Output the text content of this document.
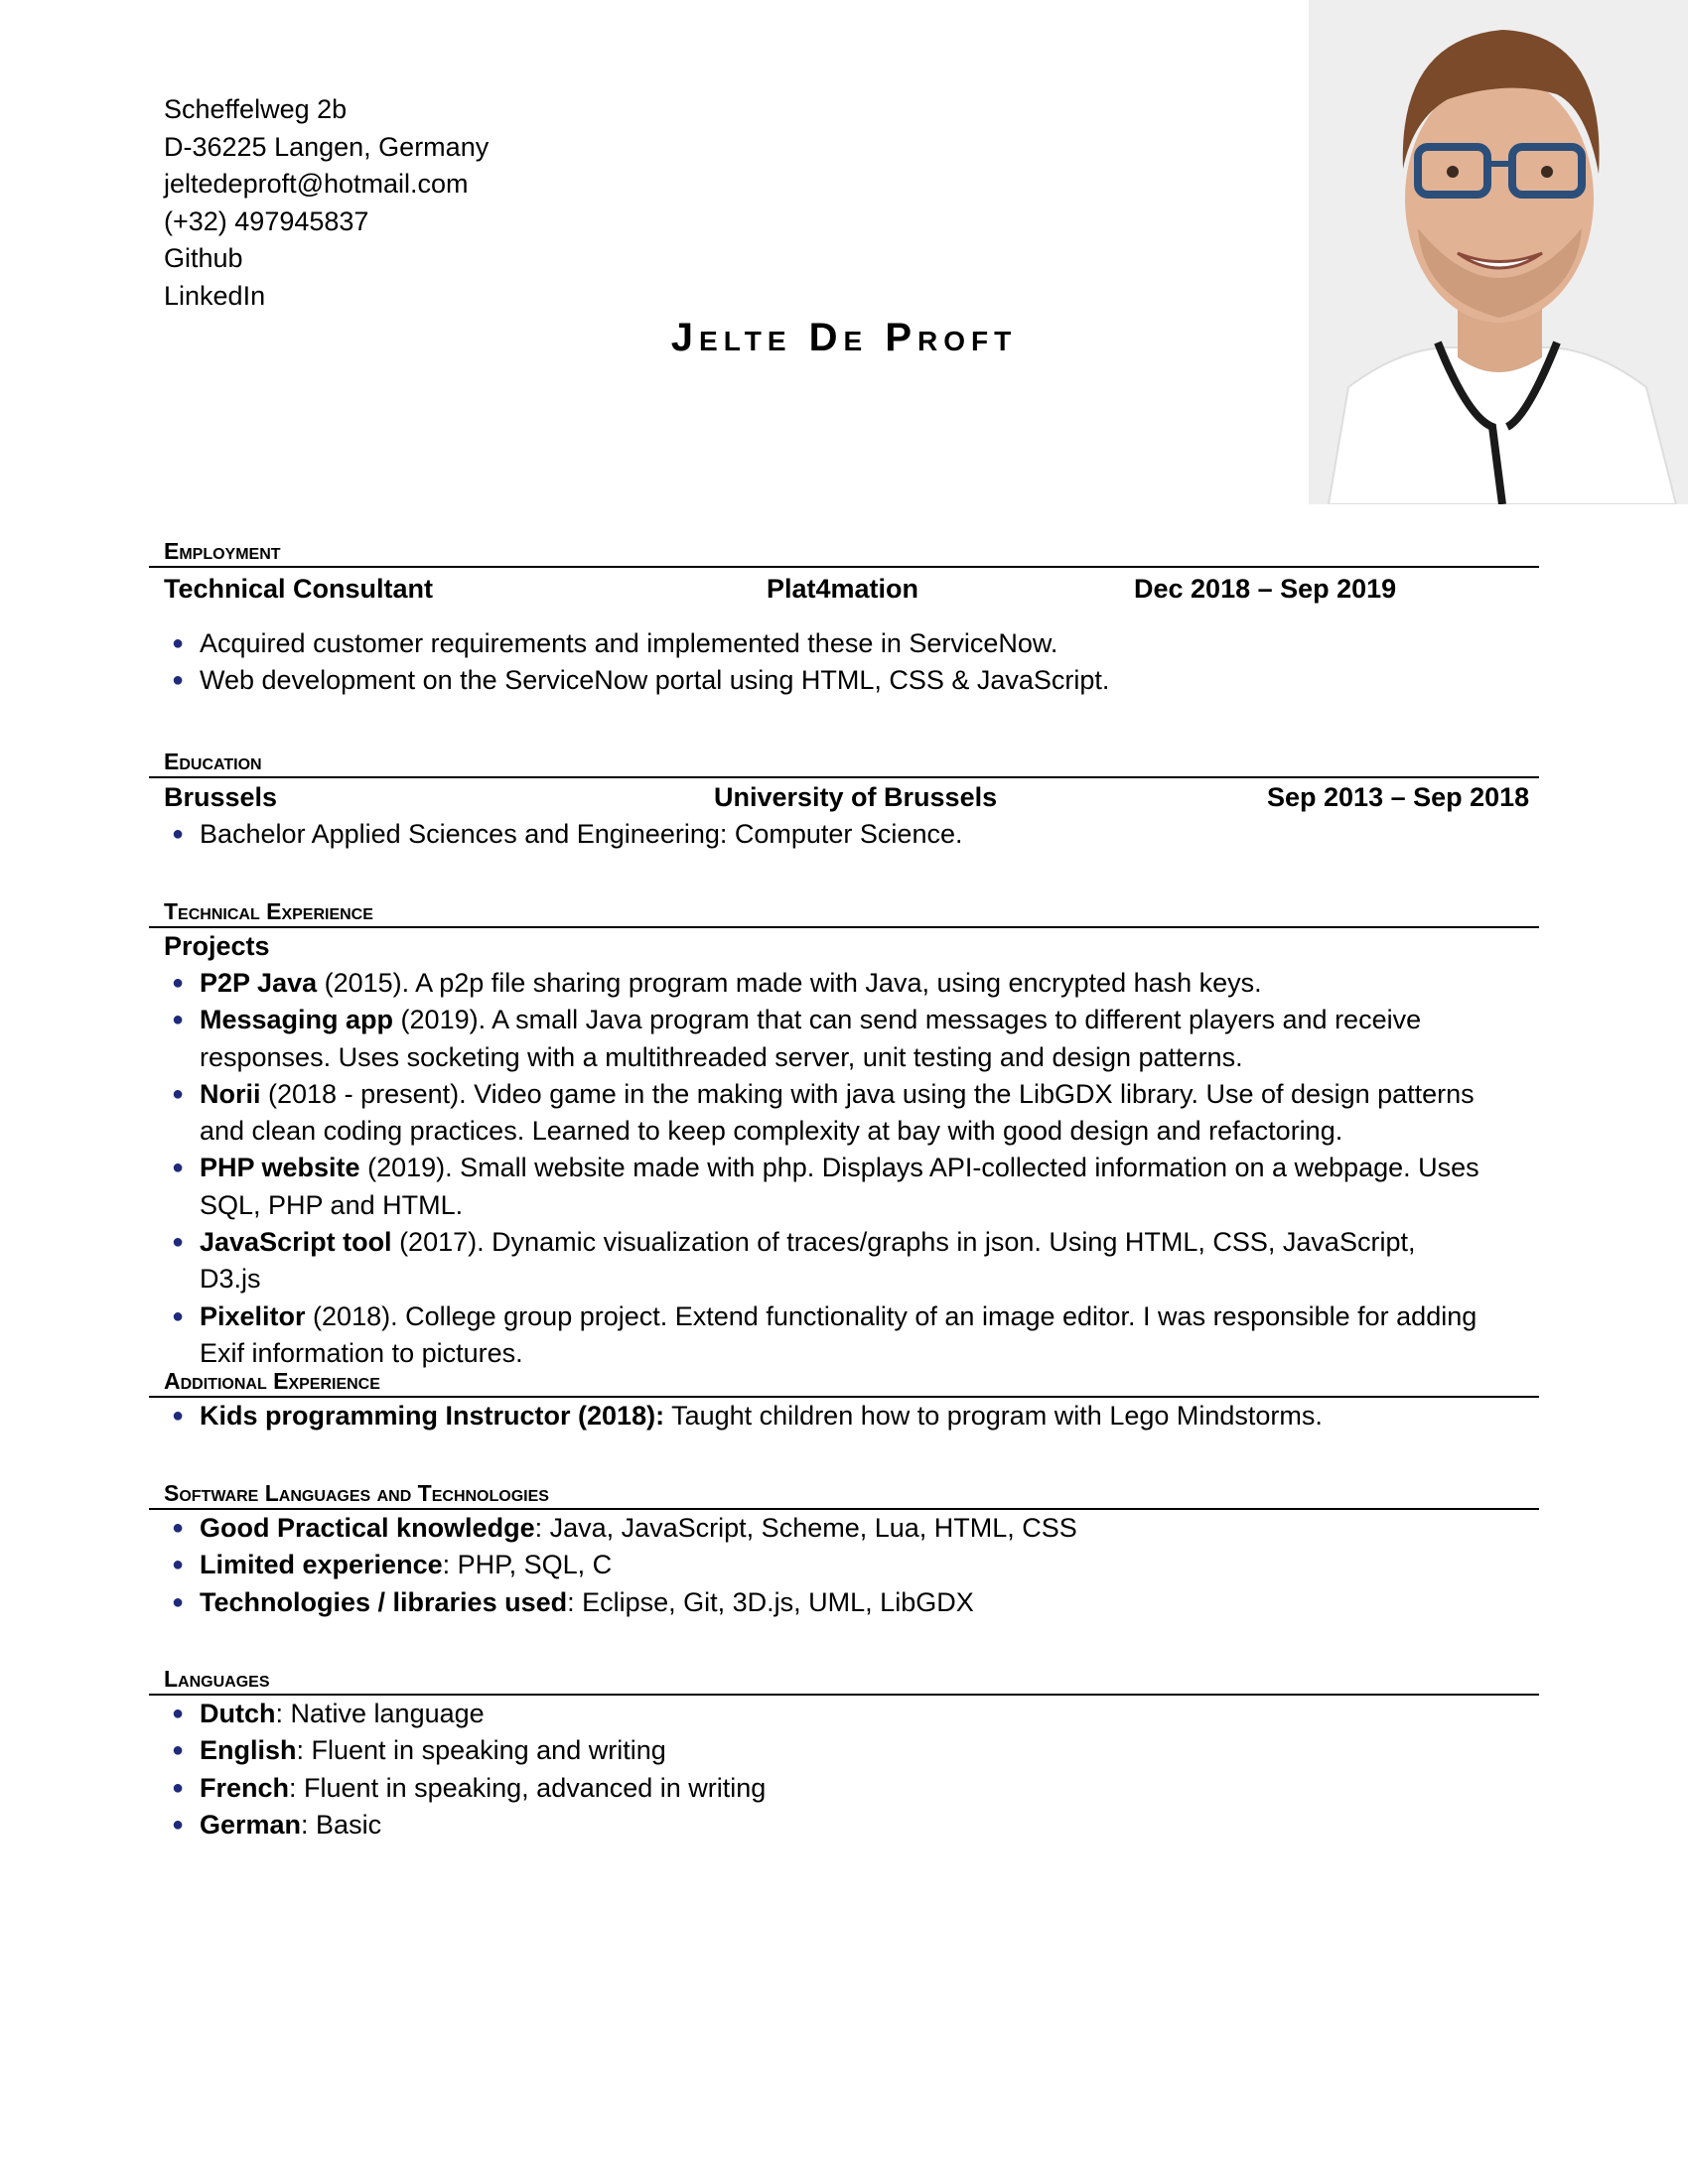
Scheffelweg 2b
D-36225 Langen, Germany
jeltedeproft@hotmail.com
(+32) 497945837
Github
LinkedIn
Jelte De Proft
Employment
Technical Consultant	Plat4mation	Dec 2018 – Sep 2019
● Acquired customer requirements and implemented these in ServiceNow.
● Web development on the ServiceNow portal using HTML, CSS & JavaScript.
Education
Brussels	University of Brussels	Sep 2013 – Sep 2018
● Bachelor Applied Sciences and Engineering: Computer Science.
Technical Experience
Projects
● P2P Java (2015). A p2p file sharing program made with Java, using encrypted hash keys.
● Messaging app (2019). A small Java program that can send messages to different players and receive responses. Uses socketing with a multithreaded server, unit testing and design patterns.
● Norii (2018 - present). Video game in the making with java using the LibGDX library. Use of design patterns and clean coding practices. Learned to keep complexity at bay with good design and refactoring.
● PHP website (2019). Small website made with php. Displays API-collected information on a webpage. Uses SQL, PHP and HTML.
● JavaScript tool (2017). Dynamic visualization of traces/graphs in json. Using HTML, CSS, JavaScript, D3.js
● Pixelitor (2018). College group project. Extend functionality of an image editor. I was responsible for adding Exif information to pictures.
Additional Experience
● Kids programming Instructor (2018): Taught children how to program with Lego Mindstorms.
Software Languages and Technologies
● Good Practical knowledge: Java, JavaScript, Scheme, Lua, HTML, CSS
● Limited experience: PHP, SQL, C
● Technologies / libraries used: Eclipse, Git, 3D.js, UML, LibGDX
Languages
● Dutch: Native language
● English: Fluent in speaking and writing
● French: Fluent in speaking, advanced in writing
● German: Basic
